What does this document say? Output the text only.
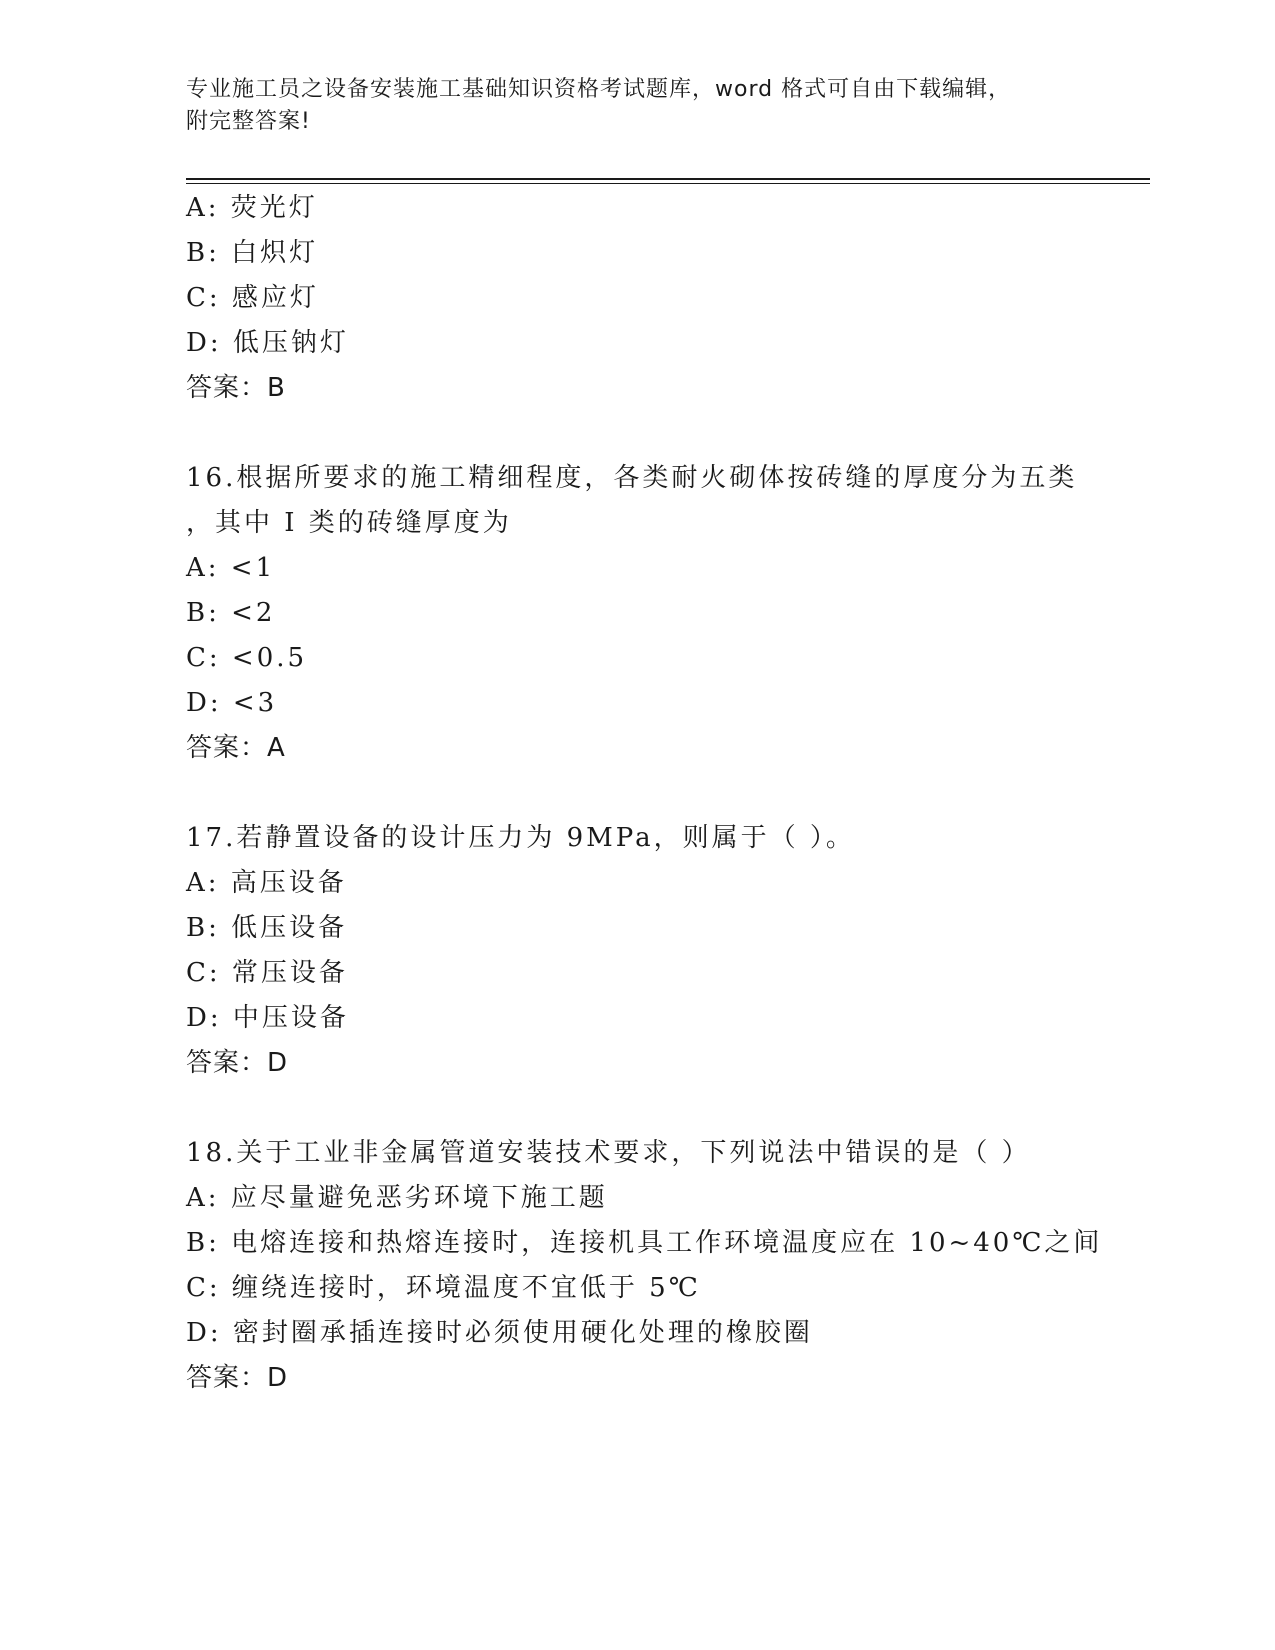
专业施工员之设备安装施工基础知识资格考试题库，word 格式可自由下载编辑，
附完整答案!
A: 荧光灯
B: 白炽灯
C: 感应灯
D: 低压钠灯
答案：B
16.根据所要求的施工精细程度，各类耐火砌体按砖缝的厚度分为五类
，其中 I 类的砖缝厚度为
A: <1
B: <2
C: <0.5
D: <3
答案：A
17.若静置设备的设计压力为 9MPa，则属于（ ）。
A: 高压设备
B: 低压设备
C: 常压设备
D: 中压设备
答案：D
18.关于工业非金属管道安装技术要求，下列说法中错误的是（ ）
A: 应尽量避免恶劣环境下施工题
B: 电熔连接和热熔连接时，连接机具工作环境温度应在 10~40℃之间
C: 缠绕连接时，环境温度不宜低于 5℃
D: 密封圈承插连接时必须使用硬化处理的橡胶圈
答案：D
